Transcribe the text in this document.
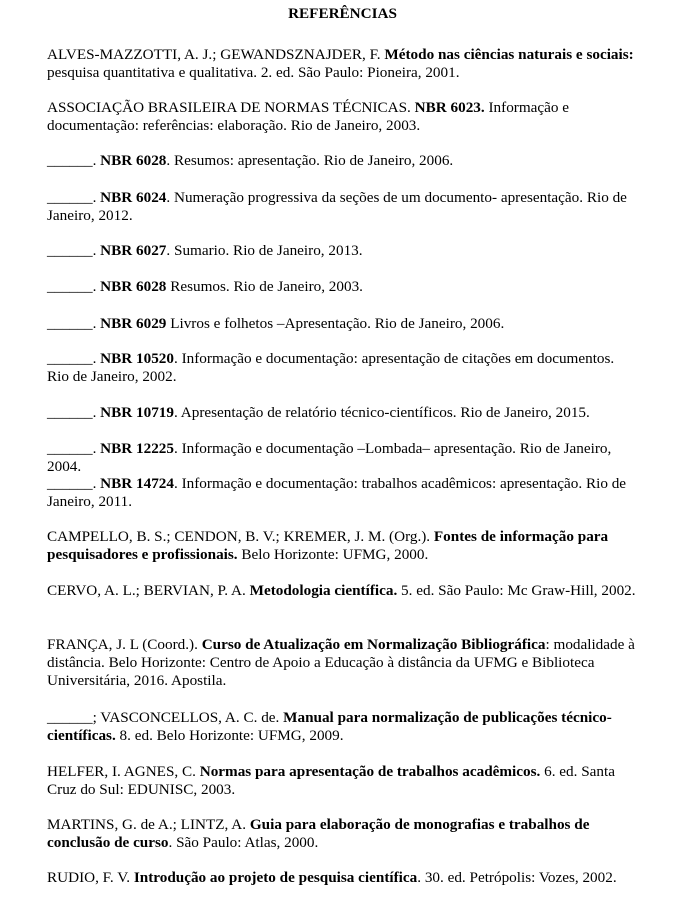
REFERÊNCIAS

ALVES-MAZZOTTI, A. J.; GEWANDSZNAJDER, F. Método nas ciências naturais e sociais: pesquisa quantitativa e qualitativa. 2. ed. São Paulo: Pioneira, 2001.

ASSOCIAÇÃO BRASILEIRA DE NORMAS TÉCNICAS. NBR 6023. Informação e documentação: referências: elaboração. Rio de Janeiro, 2003.

______. NBR 6028. Resumos: apresentação. Rio de Janeiro, 2006.

______. NBR 6024. Numeração progressiva da seções de um documento- apresentação. Rio de Janeiro, 2012.

______. NBR 6027. Sumario. Rio de Janeiro, 2013.

______. NBR 6028 Resumos. Rio de Janeiro, 2003.

______. NBR 6029 Livros e folhetos –Apresentação. Rio de Janeiro, 2006.

______. NBR 10520. Informação e documentação: apresentação de citações em documentos. Rio de Janeiro, 2002.

______. NBR 10719. Apresentação de relatório técnico-científicos. Rio de Janeiro, 2015.

______. NBR 12225. Informação e documentação –Lombada– apresentação. Rio de Janeiro, 2004.

______. NBR 14724. Informação e documentação: trabalhos acadêmicos: apresentação. Rio de Janeiro, 2011.

CAMPELLO, B. S.; CENDON, B. V.; KREMER, J. M. (Org.). Fontes de informação para pesquisadores e profissionais. Belo Horizonte: UFMG, 2000.

CERVO, A. L.; BERVIAN, P. A. Metodologia científica. 5. ed. São Paulo: Mc Graw-Hill, 2002.

FRANÇA, J. L (Coord.). Curso de Atualização em Normalização Bibliográfica: modalidade à distância. Belo Horizonte: Centro de Apoio a Educação à distância da UFMG e Biblioteca Universitária, 2016. Apostila.

______; VASCONCELLOS, A. C. de. Manual para normalização de publicações técnico-científicas. 8. ed. Belo Horizonte: UFMG, 2009.

HELFER, I. AGNES, C. Normas para apresentação de trabalhos acadêmicos. 6. ed. Santa Cruz do Sul: EDUNISC, 2003.

MARTINS, G. de A.; LINTZ, A. Guia para elaboração de monografias e trabalhos de conclusão de curso. São Paulo: Atlas, 2000.

RUDIO, F. V. Introdução ao projeto de pesquisa científica. 30. ed. Petrópolis: Vozes, 2002.
